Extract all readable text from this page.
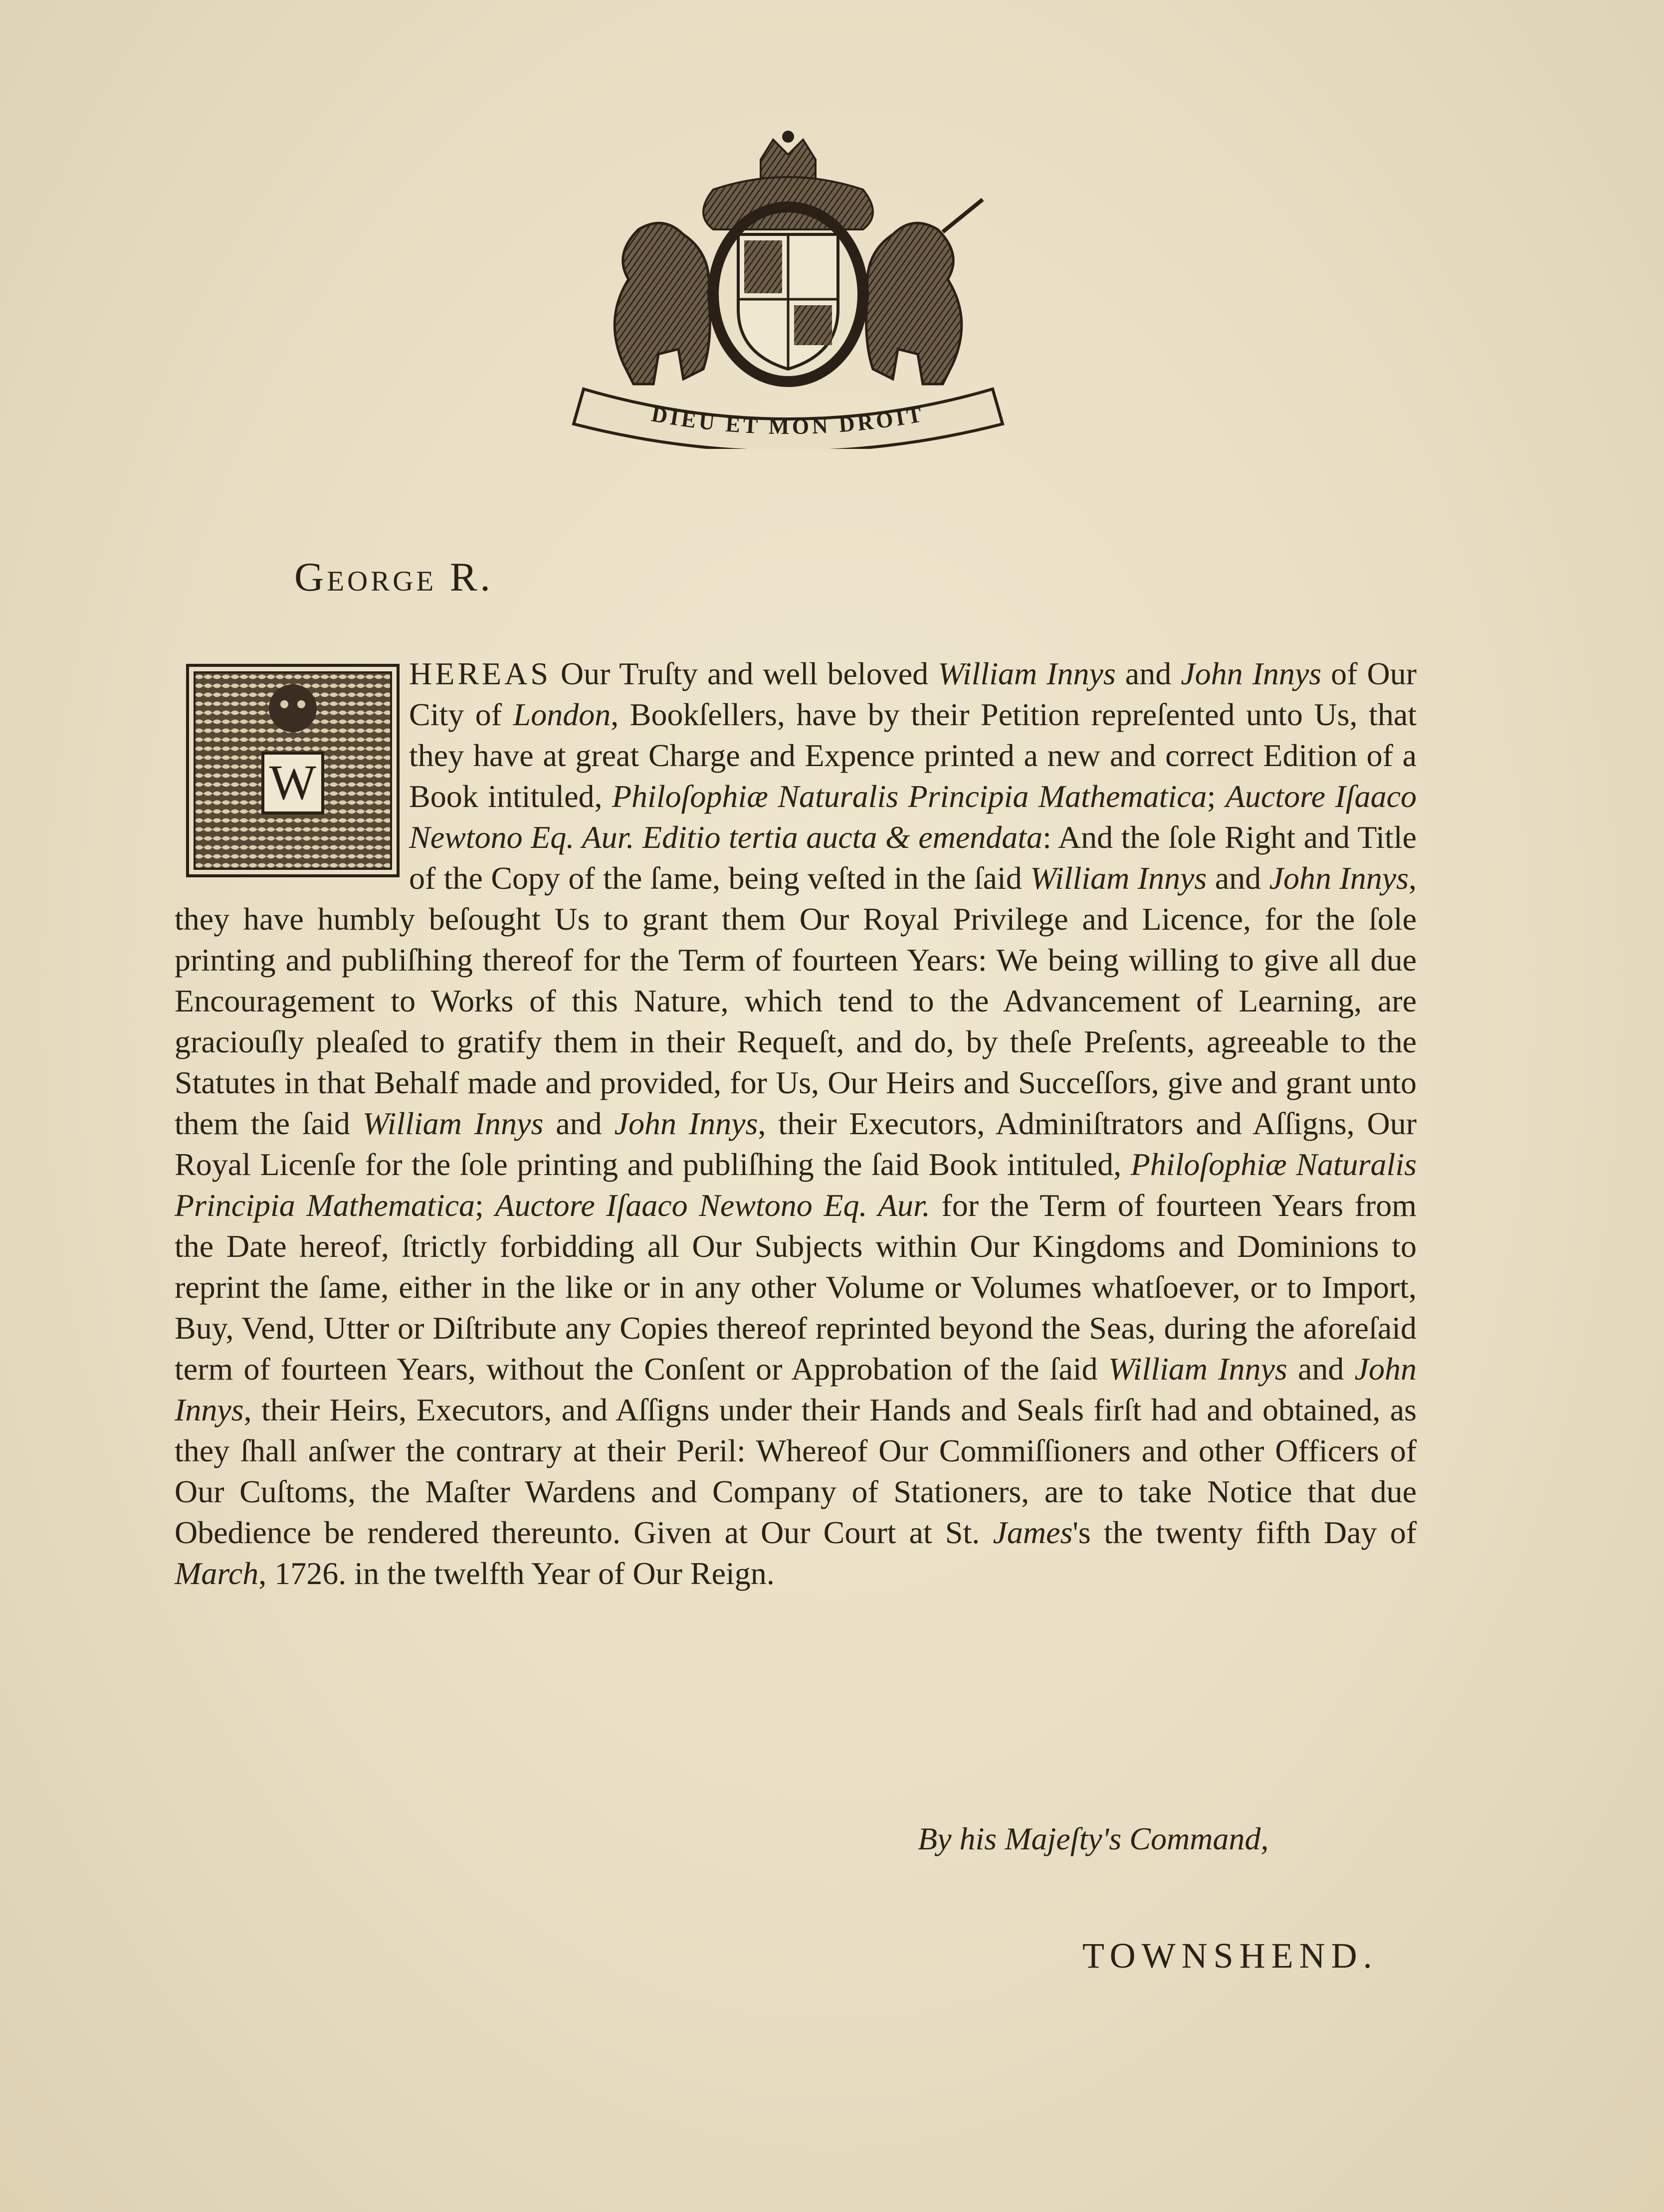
DIEU ET MON DROIT
George R.
W
HEREAS Our Truſty and well beloved William Innys and John Innys of Our City of London, Bookſellers, have by their Petition repreſented unto Us, that they have at great Charge and Expence printed a new and correct Edition of a Book intituled, Philoſophiæ Naturalis Principia Mathematica; Auctore Iſaaco Newtono Eq. Aur. Editio tertia aucta & emendata: And the ſole Right and Title of the Copy of the ſame, being veſted in the ſaid William Innys and John Innys, they have humbly beſought Us to grant them Our Royal Privilege and Licence, for the ſole printing and publiſhing thereof for the Term of fourteen Years: We being willing to give all due Encouragement to Works of this Nature, which tend to the Advancement of Learning, are graciouſly pleaſed to gratify them in their Requeſt, and do, by theſe Preſents, agreeable to the Statutes in that Behalf made and provided, for Us, Our Heirs and Succeſſors, give and grant unto them the ſaid William Innys and John Innys, their Executors, Adminiſtrators and Aſſigns, Our Royal Licenſe for the ſole printing and publiſhing the ſaid Book intituled, Philoſophiæ Naturalis Principia Mathematica; Auctore Iſaaco Newtono Eq. Aur. for the Term of fourteen Years from the Date hereof, ſtrictly forbidding all Our Subjects within Our Kingdoms and Dominions to reprint the ſame, either in the like or in any other Volume or Volumes whatſoever, or to Import, Buy, Vend, Utter or Diſtribute any Copies thereof reprinted beyond the Seas, during the aforeſaid term of fourteen Years, without the Conſent or Approbation of the ſaid William Innys and John Innys, their Heirs, Executors, and Aſſigns under their Hands and Seals firſt had and obtained, as they ſhall anſwer the contrary at their Peril: Whereof Our Commiſſioners and other Officers of Our Cuſtoms, the Maſter Wardens and Company of Stationers, are to take Notice that due Obedience be rendered thereunto. Given at Our Court at St. James's the twenty fifth Day of March, 1726. in the twelfth Year of Our Reign.
By his Majeſty's Command,
TOWNSHEND.
